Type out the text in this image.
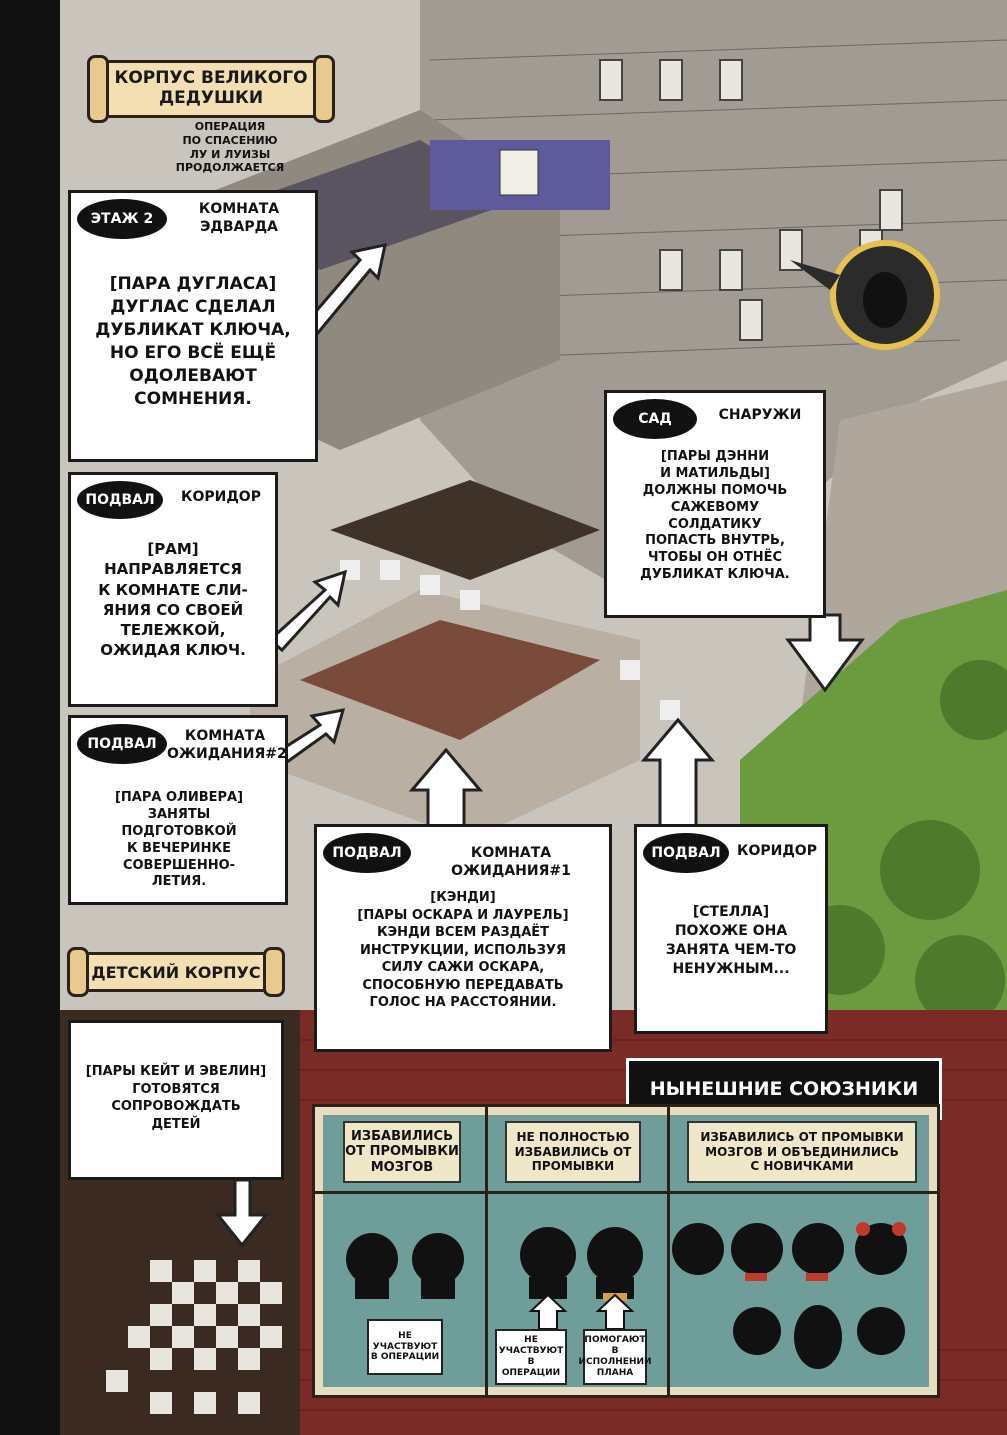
КОРПУС ВЕЛИКОГО
ДЕДУШКИ
ОПЕРАЦИЯ
ПО СПАСЕНИЮ
ЛУ И ЛУИЗЫ
ПРОДОЛЖАЕТСЯ
ЭТАЖ 2
КОМНАТА
ЭДВАРДА
[ПАРА ДУГЛАСА]
ДУГЛАС СДЕЛАЛ
ДУБЛИКАТ КЛЮЧА,
НО ЕГО ВСЁ ЕЩЁ
ОДОЛЕВАЮТ
СОМНЕНИЯ.
ПОДВАЛ	КОРИДОР
[РАМ]
НАПРАВЛЯЕТСЯ
К КОМНАТЕ СЛИ-
ЯНИЯ СО СВОЕЙ
ТЕЛЕЖКОЙ,
ОЖИДАЯ КЛЮЧ.
ПОДВАЛ	КОМНАТА
ОЖИДАНИЯ#2
[ПАРА ОЛИВЕРА]
ЗАНЯТЫ
ПОДГОТОВКОЙ
К ВЕЧЕРИНКЕ
СОВЕРШЕННО-
ЛЕТИЯ.
САД	СНАРУЖИ
[ПАРЫ ДЭННИ
И МАТИЛЬДЫ]
ДОЛЖНЫ ПОМОЧЬ
САЖЕВОМУ
СОЛДАТИКУ
ПОПАСТЬ ВНУТРЬ,
ЧТОБЫ ОН ОТНЁС
ДУБЛИКАТ КЛЮЧА.
ПОДВАЛ	КОМНАТА ОЖИДАНИЯ#1
[КЭНДИ]
[ПАРЫ ОСКАРА И ЛАУРЕЛЬ]
КЭНДИ ВСЕМ РАЗДАЁТ
ИНСТРУКЦИИ, ИСПОЛЬЗУЯ
СИЛУ САЖИ ОСКАРА,
СПОСОБНУЮ ПЕРЕДАВАТЬ
ГОЛОС НА РАССТОЯНИИ.
ПОДВАЛ	КОРИДОР
[СТЕЛЛА]
ПОХОЖЕ ОНА
ЗАНЯТА ЧЕМ-ТО
НЕНУЖНЫМ...
ДЕТСКИЙ КОРПУС
[ПАРЫ КЕЙТ И ЭВЕЛИН]
ГОТОВЯТСЯ
СОПРОВОЖДАТЬ
ДЕТЕЙ
НЫНЕШНИЕ СОЮЗНИКИ
ИЗБАВИЛИСЬ
ОТ ПРОМЫВКИ
МОЗГОВ
НЕ ПОЛНОСТЬЮ
ИЗБАВИЛИСЬ ОТ
ПРОМЫВКИ
ИЗБАВИЛИСЬ ОТ ПРОМЫВКИ
МОЗГОВ И ОБЪЕДИНИЛИСЬ
С НОВИЧКАМИ
НЕ
УЧАСТВУЮТ
В ОПЕРАЦИИ
НЕ
УЧАСТВУЮТ
В ОПЕРАЦИИ
ПОМОГАЮТ
В ИСПОЛНЕНИИ
ПЛАНА
